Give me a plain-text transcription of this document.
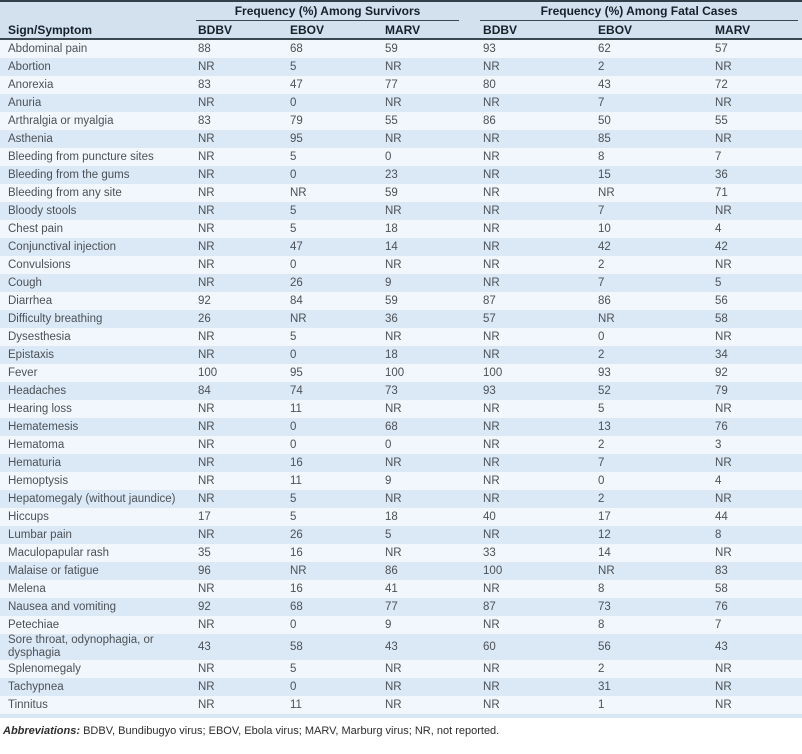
	Frequency (%) Among Survivors			Frequency (%) Among Fatal Cases		

Sign/Symptom	BDBV	EBOV	MARV	BDBV	EBOV	MARV
Abdominal pain	88	68	59	93	62	57
Abortion	NR	5	NR	NR	2	NR
Anorexia	83	47	77	80	43	72
Anuria	NR	0	NR	NR	7	NR
Arthralgia or myalgia	83	79	55	86	50	55
Asthenia	NR	95	NR	NR	85	NR
Bleeding from puncture sites	NR	5	0	NR	8	7
Bleeding from the gums	NR	0	23	NR	15	36
Bleeding from any site	NR	NR	59	NR	NR	71
Bloody stools	NR	5	NR	NR	7	NR
Chest pain	NR	5	18	NR	10	4
Conjunctival injection	NR	47	14	NR	42	42
Convulsions	NR	0	NR	NR	2	NR
Cough	NR	26	9	NR	7	5
Diarrhea	92	84	59	87	86	56
Difficulty breathing	26	NR	36	57	NR	58
Dysesthesia	NR	5	NR	NR	0	NR
Epistaxis	NR	0	18	NR	2	34
Fever	100	95	100	100	93	92
Headaches	84	74	73	93	52	79
Hearing loss	NR	11	NR	NR	5	NR
Hematemesis	NR	0	68	NR	13	76
Hematoma	NR	0	0	NR	2	3
Hematuria	NR	16	NR	NR	7	NR
Hemoptysis	NR	11	9	NR	0	4
Hepatomegaly (without jaundice)	NR	5	NR	NR	2	NR
Hiccups	17	5	18	40	17	44
Lumbar pain	NR	26	5	NR	12	8
Maculopapular rash	35	16	NR	33	14	NR
Malaise or fatigue	96	NR	86	100	NR	83
Melena	NR	16	41	NR	8	58
Nausea and vomiting	92	68	77	87	73	76
Petechiae	NR	0	9	NR	8	7
Sore throat, odynophagia, or dysphagia	43	58	43	60	56	43
Splenomegaly	NR	5	NR	NR	2	NR
Tachypnea	NR	0	NR	NR	31	NR
Tinnitus	NR	11	NR	NR	1	NR
Abbreviations: BDBV, Bundibugyo virus; EBOV, Ebola virus; MARV, Marburg virus; NR, not reported.
